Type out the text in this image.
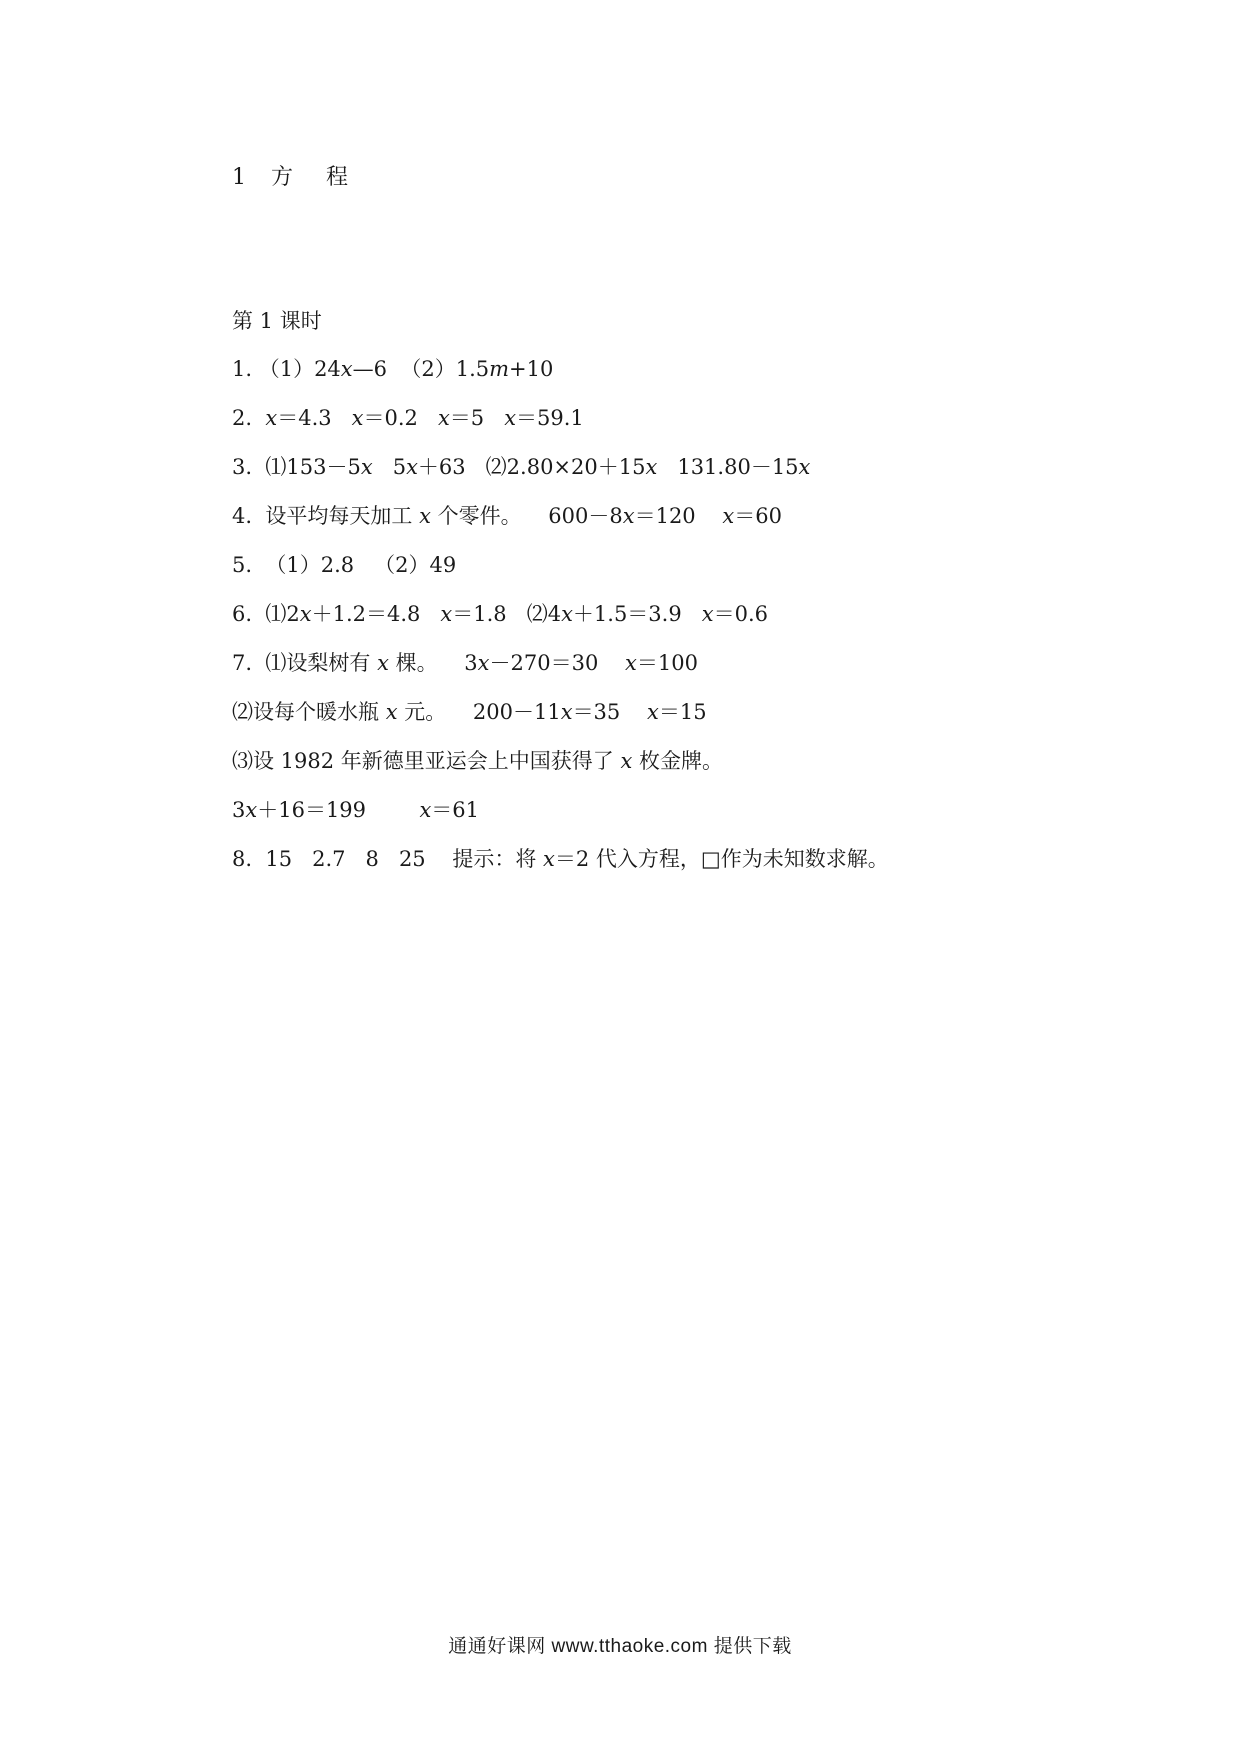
1 方    程
第 1 课时
1. （1）24x—6  （2）1.5m+10
2.  x＝4.3   x＝0.2   x＝5   x＝59.1
3.  ⑴153－5x   5x＋63   ⑵2.80×20＋15x   131.80－15x
4.  设平均每天加工 x 个零件。    600－8x＝120    x＝60
5.  （1）2.8   （2）49
6.  ⑴2x＋1.2＝4.8   x＝1.8   ⑵4x＋1.5＝3.9   x＝0.6
7.  ⑴设梨树有 x 棵。    3x－270＝30    x＝100
⑵设每个暖水瓶 x 元。    200－11x＝35    x＝15
⑶设 1982 年新德里亚运会上中国获得了 x 枚金牌。
3x＋16＝199        x＝61
8.  15   2.7   8   25    提示：将 x＝2 代入方程，□作为未知数求解。
通通好课网 www.tthaoke.com 提供下载
